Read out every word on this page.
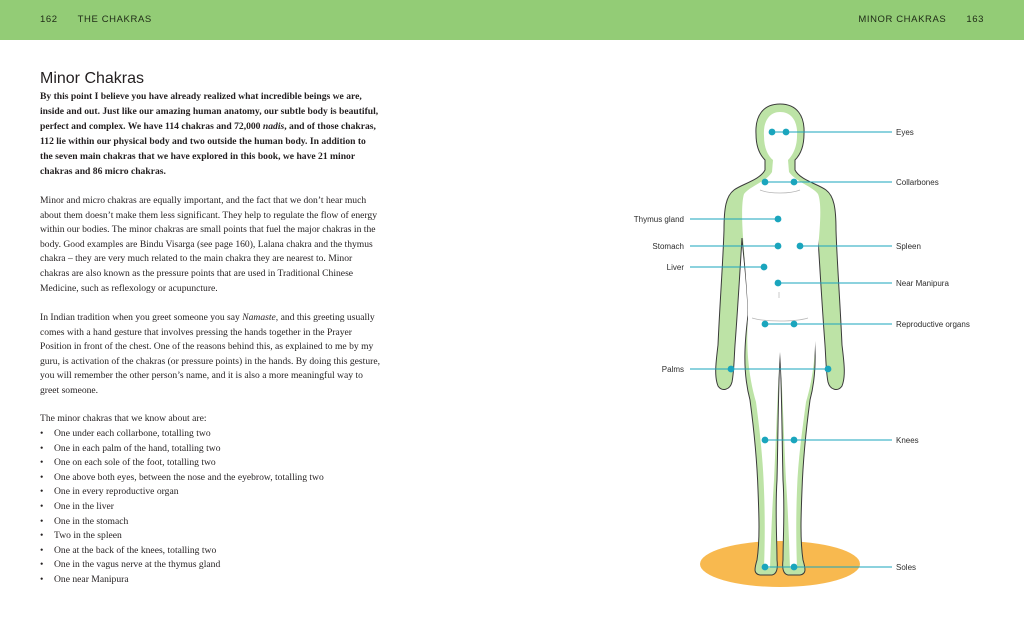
162 THE CHAKRAS	MINOR CHAKRAS 163
Minor Chakras

By this point I believe you have already realized what incredible beings we are, inside and out. Just like our amazing human anatomy, our subtle body is beautiful, perfect and complex. We have 114 chakras and 72,000 nadis, and of those chakras, 112 lie within our physical body and two outside the human body. In addition to the seven main chakras that we have explored in this book, we have 21 minor chakras and 86 micro chakras.

Minor and micro chakras are equally important, and the fact that we don’t hear much about them doesn’t make them less significant. They help to regulate the flow of energy within our bodies. The minor chakras are small points that fuel the major chakras in the body. Good examples are Bindu Visarga (see page 160), Lalana chakra and the thymus chakra – they are very much related to the main chakra they are nearest to. Minor chakras are also known as the pressure points that are used in Traditional Chinese Medicine, such as reflexology or acupuncture.

In Indian tradition when you greet someone you say Namaste, and this greeting usually comes with a hand gesture that involves pressing the hands together in the Prayer Position in front of the chest. One of the reasons behind this, as explained to me by my guru, is activation of the chakras (or pressure points) in the hands. By doing this gesture, you will remember the other person’s name, and it is also a more meaningful way to greet someone.

The minor chakras that we know about are:

• One under each collarbone, totalling two
• One in each palm of the hand, totalling two
• One on each sole of the foot, totalling two
• One above both eyes, between the nose and the eyebrow, totalling two
• One in every reproductive organ
• One in the liver
• One in the stomach
• Two in the spleen
• One at the back of the knees, totalling two
• One in the vagus nerve at the thymus gland
• One near Manipura
Eyes
Collarbones
Thymus gland
Stomach	Spleen
Liver
Near Manipura
Reproductive organs
Palms
Knees
Soles
